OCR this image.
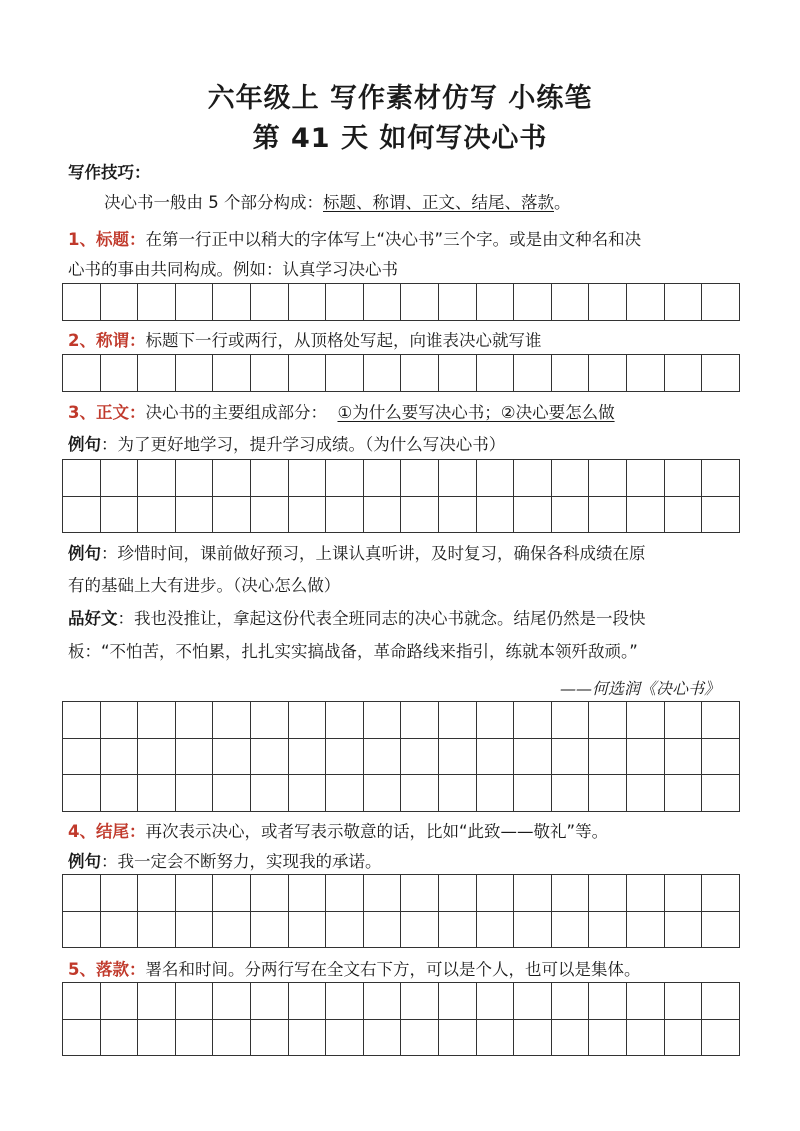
六年级上 写作素材仿写 小练笔
第 41 天 如何写决心书
写作技巧：
决心书一般由 5 个部分构成：标题、称谓、正文、结尾、落款。
1、标题：在第一行正中以稍大的字体写上“决心书”三个字。或是由文种名和决
心书的事由共同构成。例如：认真学习决心书

2、称谓：标题下一行或两行，从顶格处写起，向谁表决心就写谁

3、正文：决心书的主要组成部分： ①为什么要写决心书；②决心要怎么做
例句：为了更好地学习，提升学习成绩。（为什么写决心书）

例句：珍惜时间，课前做好预习，上课认真听讲，及时复习，确保各科成绩在原
有的基础上大有进步。（决心怎么做）
品好文：我也没推让，拿起这份代表全班同志的决心书就念。结尾仍然是一段快
板：“不怕苦，不怕累，扎扎实实搞战备，革命路线来指引，练就本领歼敌顽。”
——何选润《决心书》

4、结尾：再次表示决心，或者写表示敬意的话，比如“此致——敬礼”等。
例句：我一定会不断努力，实现我的承诺。

5、落款：署名和时间。分两行写在全文右下方，可以是个人，也可以是集体。
